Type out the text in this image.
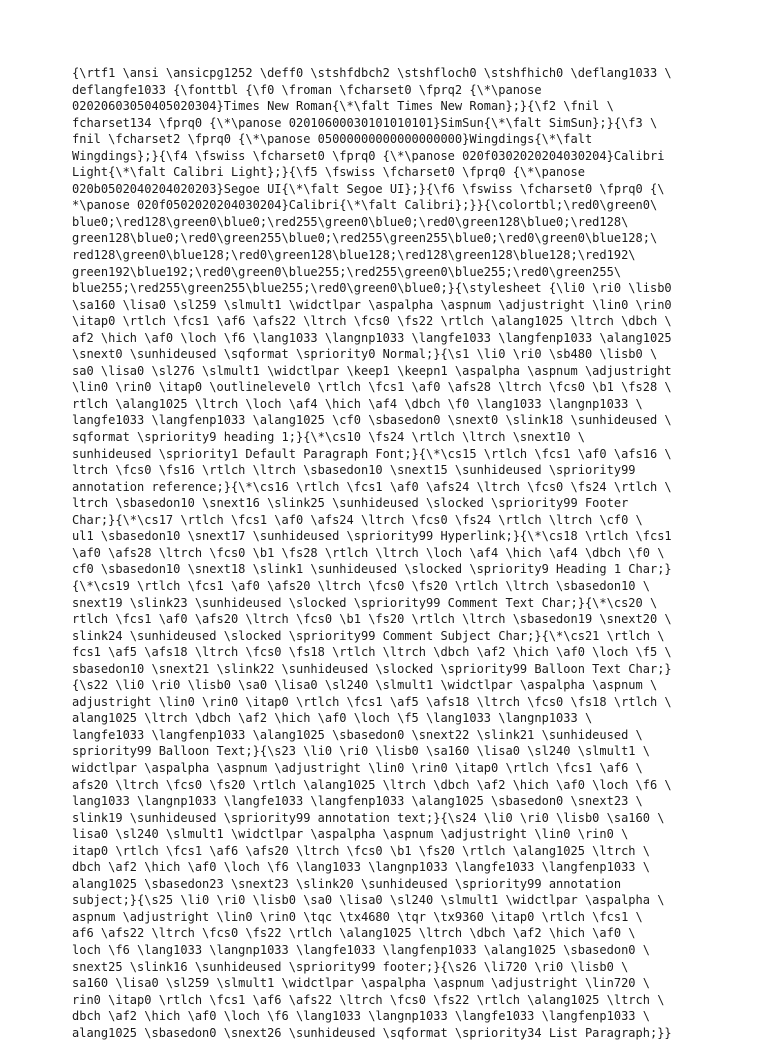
{\rtf1 \ansi \ansicpg1252 \deff0 \stshfdbch2 \stshfloch0 \stshfhich0 \deflang1033 \
deflangfe1033 {\fonttbl {\f0 \froman \fcharset0 \fprq2 {\*\panose
02020603050405020304}Times New Roman{\*\falt Times New Roman};}{\f2 \fnil \
fcharset134 \fprq0 {\*\panose 02010600030101010101}SimSun{\*\falt SimSun};}{\f3 \
fnil \fcharset2 \fprq0 {\*\panose 05000000000000000000}Wingdings{\*\falt
Wingdings};}{\f4 \fswiss \fcharset0 \fprq0 {\*\panose 020f0302020204030204}Calibri
Light{\*\falt Calibri Light};}{\f5 \fswiss \fcharset0 \fprq0 {\*\panose
020b0502040204020203}Segoe UI{\*\falt Segoe UI};}{\f6 \fswiss \fcharset0 \fprq0 {\
*\panose 020f0502020204030204}Calibri{\*\falt Calibri};}}{\colortbl;\red0\green0\
blue0;\red128\green0\blue0;\red255\green0\blue0;\red0\green128\blue0;\red128\
green128\blue0;\red0\green255\blue0;\red255\green255\blue0;\red0\green0\blue128;\
red128\green0\blue128;\red0\green128\blue128;\red128\green128\blue128;\red192\
green192\blue192;\red0\green0\blue255;\red255\green0\blue255;\red0\green255\
blue255;\red255\green255\blue255;\red0\green0\blue0;}{\stylesheet {\li0 \ri0 \lisb0
\sa160 \lisa0 \sl259 \slmult1 \widctlpar \aspalpha \aspnum \adjustright \lin0 \rin0
\itap0 \rtlch \fcs1 \af6 \afs22 \ltrch \fcs0 \fs22 \rtlch \alang1025 \ltrch \dbch \
af2 \hich \af0 \loch \f6 \lang1033 \langnp1033 \langfe1033 \langfenp1033 \alang1025
\snext0 \sunhideused \sqformat \spriority0 Normal;}{\s1 \li0 \ri0 \sb480 \lisb0 \
sa0 \lisa0 \sl276 \slmult1 \widctlpar \keep1 \keepn1 \aspalpha \aspnum \adjustright
\lin0 \rin0 \itap0 \outlinelevel0 \rtlch \fcs1 \af0 \afs28 \ltrch \fcs0 \b1 \fs28 \
rtlch \alang1025 \ltrch \loch \af4 \hich \af4 \dbch \f0 \lang1033 \langnp1033 \
langfe1033 \langfenp1033 \alang1025 \cf0 \sbasedon0 \snext0 \slink18 \sunhideused \
sqformat \spriority9 heading 1;}{\*\cs10 \fs24 \rtlch \ltrch \snext10 \
sunhideused \spriority1 Default Paragraph Font;}{\*\cs15 \rtlch \fcs1 \af0 \afs16 \
ltrch \fcs0 \fs16 \rtlch \ltrch \sbasedon10 \snext15 \sunhideused \spriority99
annotation reference;}{\*\cs16 \rtlch \fcs1 \af0 \afs24 \ltrch \fcs0 \fs24 \rtlch \
ltrch \sbasedon10 \snext16 \slink25 \sunhideused \slocked \spriority99 Footer
Char;}{\*\cs17 \rtlch \fcs1 \af0 \afs24 \ltrch \fcs0 \fs24 \rtlch \ltrch \cf0 \
ul1 \sbasedon10 \snext17 \sunhideused \spriority99 Hyperlink;}{\*\cs18 \rtlch \fcs1
\af0 \afs28 \ltrch \fcs0 \b1 \fs28 \rtlch \ltrch \loch \af4 \hich \af4 \dbch \f0 \
cf0 \sbasedon10 \snext18 \slink1 \sunhideused \slocked \spriority9 Heading 1 Char;}
{\*\cs19 \rtlch \fcs1 \af0 \afs20 \ltrch \fcs0 \fs20 \rtlch \ltrch \sbasedon10 \
snext19 \slink23 \sunhideused \slocked \spriority99 Comment Text Char;}{\*\cs20 \
rtlch \fcs1 \af0 \afs20 \ltrch \fcs0 \b1 \fs20 \rtlch \ltrch \sbasedon19 \snext20 \
slink24 \sunhideused \slocked \spriority99 Comment Subject Char;}{\*\cs21 \rtlch \
fcs1 \af5 \afs18 \ltrch \fcs0 \fs18 \rtlch \ltrch \dbch \af2 \hich \af0 \loch \f5 \
sbasedon10 \snext21 \slink22 \sunhideused \slocked \spriority99 Balloon Text Char;}
{\s22 \li0 \ri0 \lisb0 \sa0 \lisa0 \sl240 \slmult1 \widctlpar \aspalpha \aspnum \
adjustright \lin0 \rin0 \itap0 \rtlch \fcs1 \af5 \afs18 \ltrch \fcs0 \fs18 \rtlch \
alang1025 \ltrch \dbch \af2 \hich \af0 \loch \f5 \lang1033 \langnp1033 \
langfe1033 \langfenp1033 \alang1025 \sbasedon0 \snext22 \slink21 \sunhideused \
spriority99 Balloon Text;}{\s23 \li0 \ri0 \lisb0 \sa160 \lisa0 \sl240 \slmult1 \
widctlpar \aspalpha \aspnum \adjustright \lin0 \rin0 \itap0 \rtlch \fcs1 \af6 \
afs20 \ltrch \fcs0 \fs20 \rtlch \alang1025 \ltrch \dbch \af2 \hich \af0 \loch \f6 \
lang1033 \langnp1033 \langfe1033 \langfenp1033 \alang1025 \sbasedon0 \snext23 \
slink19 \sunhideused \spriority99 annotation text;}{\s24 \li0 \ri0 \lisb0 \sa160 \
lisa0 \sl240 \slmult1 \widctlpar \aspalpha \aspnum \adjustright \lin0 \rin0 \
itap0 \rtlch \fcs1 \af6 \afs20 \ltrch \fcs0 \b1 \fs20 \rtlch \alang1025 \ltrch \
dbch \af2 \hich \af0 \loch \f6 \lang1033 \langnp1033 \langfe1033 \langfenp1033 \
alang1025 \sbasedon23 \snext23 \slink20 \sunhideused \spriority99 annotation
subject;}{\s25 \li0 \ri0 \lisb0 \sa0 \lisa0 \sl240 \slmult1 \widctlpar \aspalpha \
aspnum \adjustright \lin0 \rin0 \tqc \tx4680 \tqr \tx9360 \itap0 \rtlch \fcs1 \
af6 \afs22 \ltrch \fcs0 \fs22 \rtlch \alang1025 \ltrch \dbch \af2 \hich \af0 \
loch \f6 \lang1033 \langnp1033 \langfe1033 \langfenp1033 \alang1025 \sbasedon0 \
snext25 \slink16 \sunhideused \spriority99 footer;}{\s26 \li720 \ri0 \lisb0 \
sa160 \lisa0 \sl259 \slmult1 \widctlpar \aspalpha \aspnum \adjustright \lin720 \
rin0 \itap0 \rtlch \fcs1 \af6 \afs22 \ltrch \fcs0 \fs22 \rtlch \alang1025 \ltrch \
dbch \af2 \hich \af0 \loch \f6 \lang1033 \langnp1033 \langfe1033 \langfenp1033 \
alang1025 \sbasedon0 \snext26 \sunhideused \sqformat \spriority34 List Paragraph;}}
